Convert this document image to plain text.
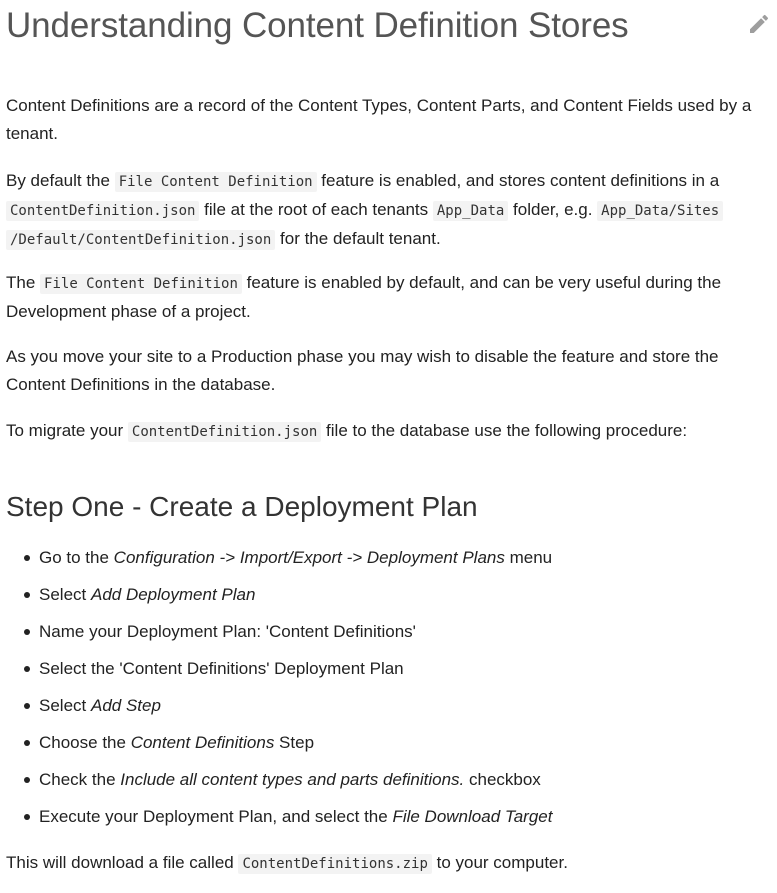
Understanding Content Definition Stores

Content Definitions are a record of the Content Types, Content Parts, and Content Fields used by a tenant.

By default the File Content Definition feature is enabled, and stores content definitions in a ContentDefinition.json file at the root of each tenants App_Data folder, e.g. App_Data/Sites
/Default/ContentDefinition.json for the default tenant.

The File Content Definition feature is enabled by default, and can be very useful during the Development phase of a project.

As you move your site to a Production phase you may wish to disable the feature and store the Content Definitions in the database.

To migrate your ContentDefinition.json file to the database use the following procedure:

Step One - Create a Deployment Plan
Go to the Configuration -> Import/Export -> Deployment Plans menu
Select Add Deployment Plan
Name your Deployment Plan: 'Content Definitions'
Select the 'Content Definitions' Deployment Plan
Select Add Step
Choose the Content Definitions Step
Check the Include all content types and parts definitions. checkbox
Execute your Deployment Plan, and select the File Download Target

This will download a file called ContentDefinitions.zip to your computer.
